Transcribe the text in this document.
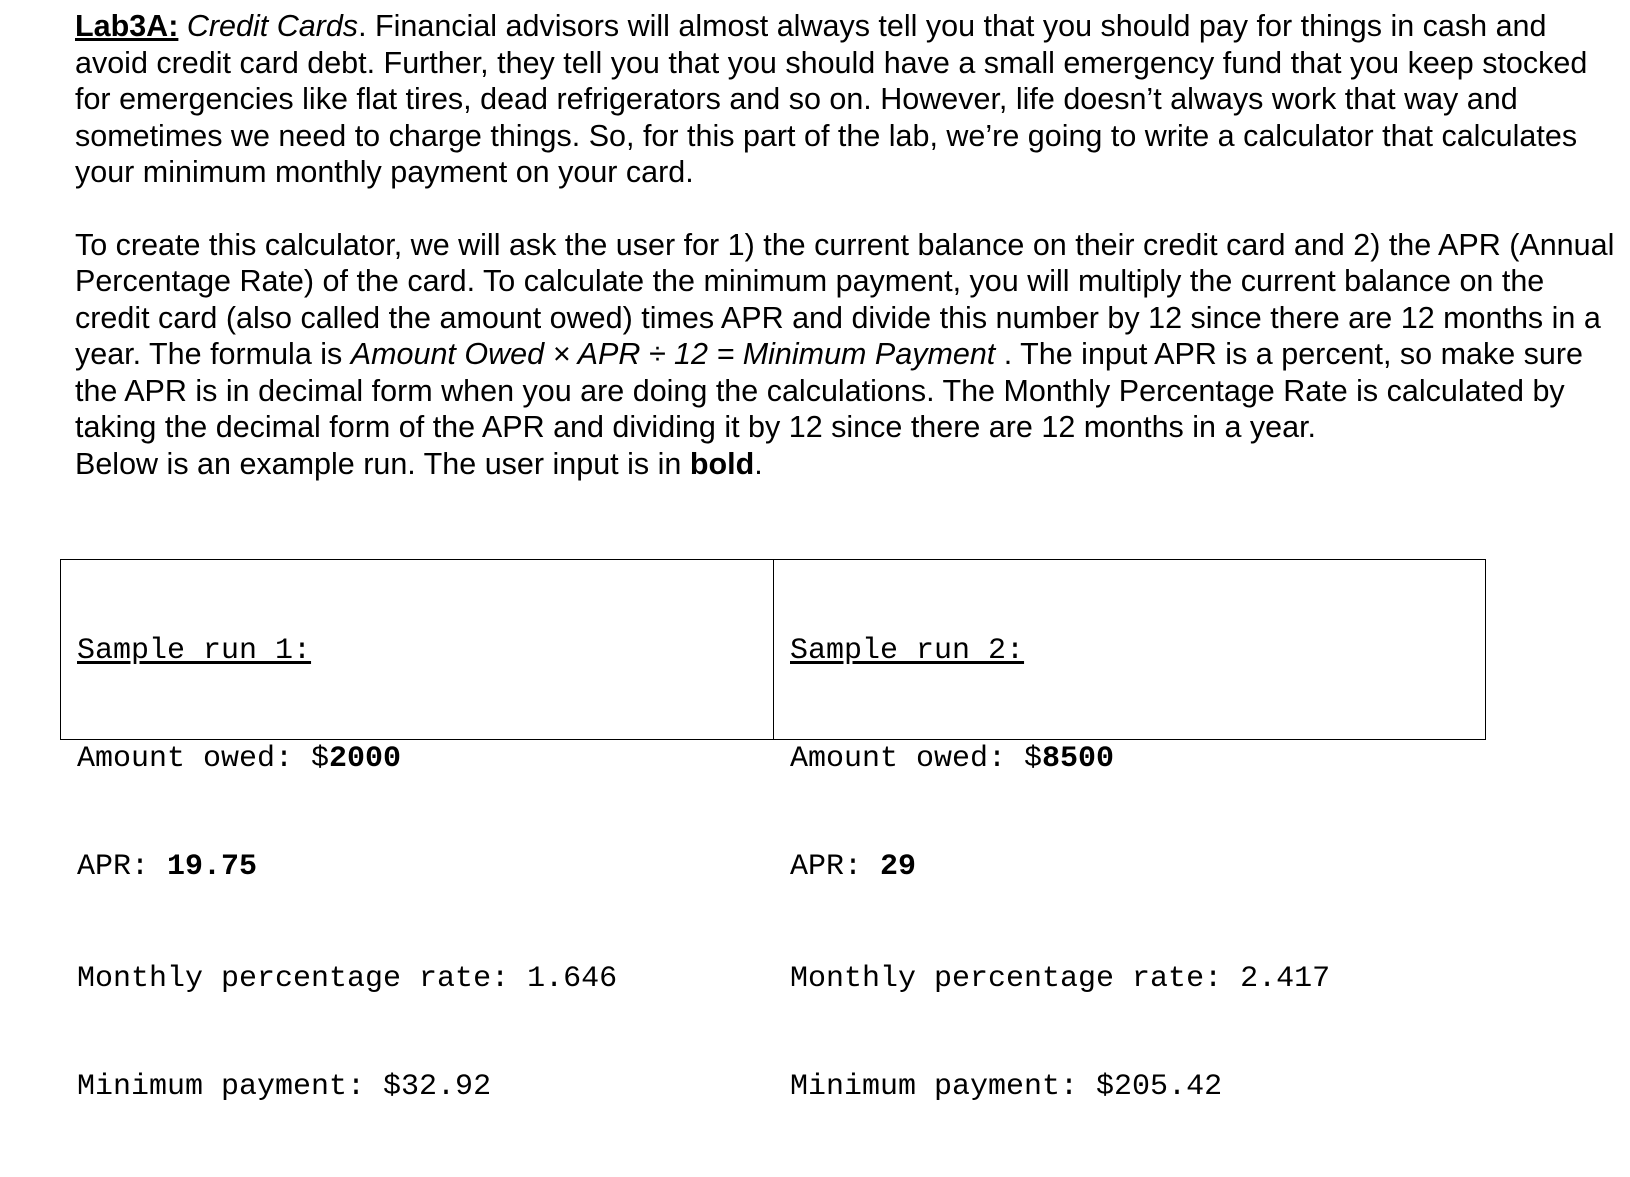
Lab3A: Credit Cards. Financial advisors will almost always tell you that you should pay for things in cash and avoid credit card debt. Further, they tell you that you should have a small emergency fund that you keep stocked for emergencies like flat tires, dead refrigerators and so on. However, life doesn’t always work that way and sometimes we need to charge things. So, for this part of the lab, we’re going to write a calculator that calculates your minimum monthly payment on your card.

To create this calculator, we will ask the user for 1) the current balance on their credit card and 2) the APR (Annual Percentage Rate) of the card. To calculate the minimum payment, you will multiply the current balance on the credit card (also called the amount owed) times APR and divide this number by 12 since there are 12 months in a year. The formula is Amount Owed × APR ÷ 12 = Minimum Payment . The input APR is a percent, so make sure the APR is in decimal form when you are doing the calculations. The Monthly Percentage Rate is calculated by taking the decimal form of the APR and dividing it by 12 since there are 12 months in a year.

Below is an example run. The user input is in bold.

Sample run 1:

Amount owed: $2000

APR: 19.75

Monthly percentage rate: 1.646

Minimum payment: $32.92

Sample run 2:

Amount owed: $8500

APR: 29

Monthly percentage rate: 2.417

Minimum payment: $205.42
